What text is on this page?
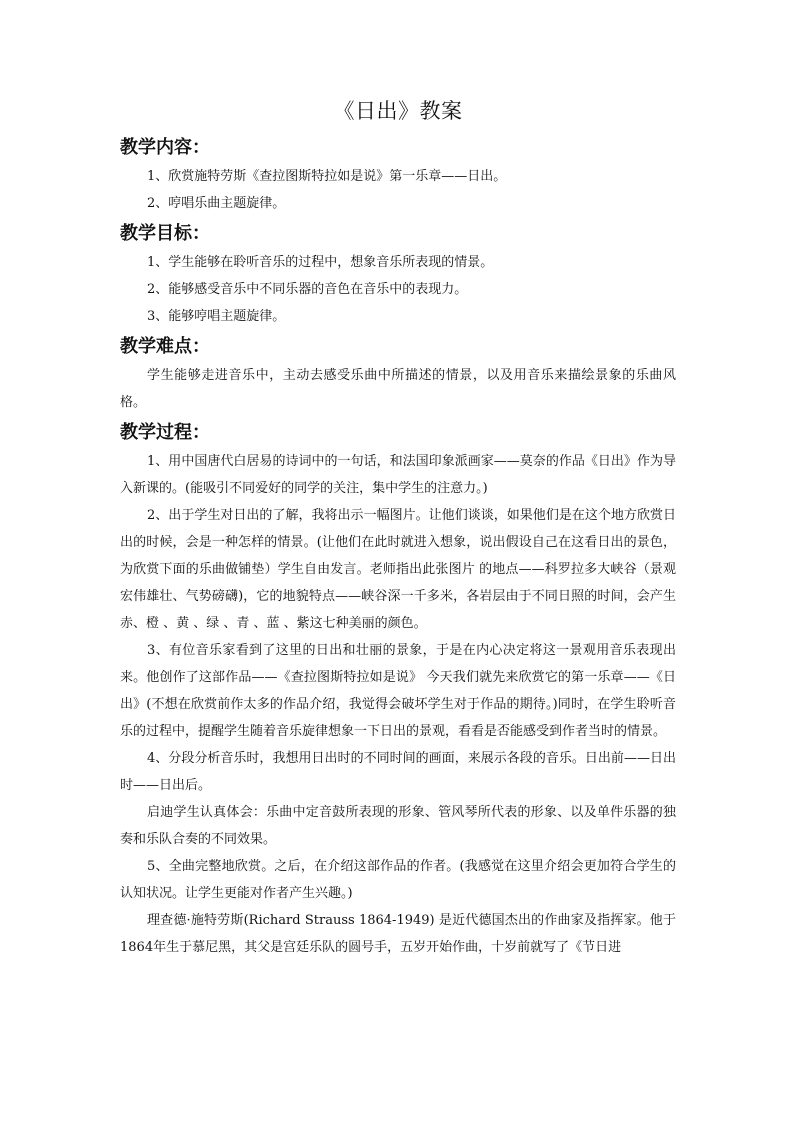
《日出》教案
教学内容：

1、欣赏施特劳斯《查拉图斯特拉如是说》第一乐章——日出。

2、哼唱乐曲主题旋律。

教学目标：

1、学生能够在聆听音乐的过程中，想象音乐所表现的情景。

2、能够感受音乐中不同乐器的音色在音乐中的表现力。

3、能够哼唱主题旋律。

教学难点：

学生能够走进音乐中，主动去感受乐曲中所描述的情景，以及用音乐来描绘景象的乐曲风格。

教学过程：

1、用中国唐代白居易的诗词中的一句话，和法国印象派画家——莫奈的作品《日出》作为导入新课的。(能吸引不同爱好的同学的关注，集中学生的注意力。)

2、出于学生对日出的了解，我将出示一幅图片。让他们谈谈，如果他们是在这个地方欣赏日出的时候，会是一种怎样的情景。(让他们在此时就进入想象，说出假设自己在这看日出的景色，为欣赏下面的乐曲做铺垫）学生自由发言。老师指出此张图片 的地点——科罗拉多大峡谷（景观宏伟雄壮、气势磅礴)，它的地貌特点——峡谷深一千多米，各岩层由于不同日照的时间，会产生赤、橙 、黄 、绿 、青 、蓝 、紫这七种美丽的颜色。

3、有位音乐家看到了这里的日出和壮丽的景象，于是在内心决定将这一景观用音乐表现出来。他创作了这部作品——《查拉图斯特拉如是说》 今天我们就先来欣赏它的第一乐章——《日出》(不想在欣赏前作太多的作品介绍，我觉得会破坏学生对于作品的期待。)同时，在学生聆听音乐的过程中，提醒学生随着音乐旋律想象一下日出的景观，看看是否能感受到作者当时的情景。

4、分段分析音乐时，我想用日出时的不同时间的画面，来展示各段的音乐。日出前——日出时——日出后。

启迪学生认真体会：乐曲中定音鼓所表现的形象、管风琴所代表的形象、以及单件乐器的独奏和乐队合奏的不同效果。

5、全曲完整地欣赏。之后，在介绍这部作品的作者。(我感觉在这里介绍会更加符合学生的认知状况。让学生更能对作者产生兴趣。)

理查德·施特劳斯(Richard Strauss 1864-1949) 是近代德国杰出的作曲家及指挥家。他于 1864年生于慕尼黑，其父是宫廷乐队的圆号手，五岁开始作曲，十岁前就写了《节日进
